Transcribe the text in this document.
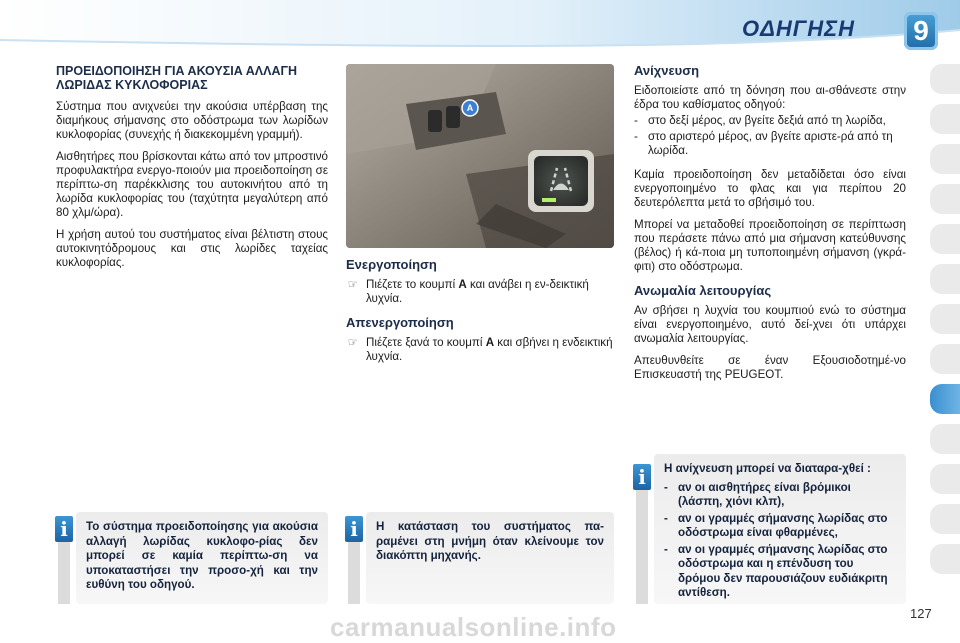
ΟΔΗΓΗΣΗ	9
ΠΡΟΕΙΔΟΠΟΙΗΣΗ ΓΙΑ ΑΚΟΥΣΙΑ ΑΛΛΑΓΗ ΛΩΡΙΔΑΣ ΚΥΚΛΟΦΟΡΙΑΣ

Σύστημα που ανιχνεύει την ακούσια υπέρβαση της διαμήκους σήμανσης στο οδόστρωμα των λωρίδων κυκλοφορίας (συνεχής ή διακεκομμένη γραμμή).

Αισθητήρες που βρίσκονται κάτω από τον μπροστινό προφυλακτήρα ενεργο-ποιούν μια προειδοποίηση σε περίπτω-ση παρέκκλισης του αυτοκινήτου από τη λωρίδα κυκλοφορίας του (ταχύτητα μεγαλύτερη από 80 χλμ/ώρα).

Η χρήση αυτού του συστήματος είναι βέλτιστη στους αυτοκινητόδρομους και στις λωρίδες ταχείας κυκλοφορίας.

i	Το σύστημα προειδοποίησης για ακούσια αλλαγή λωρίδας κυκλοφο-ρίας δεν μπορεί σε καμία περίπτω-ση να υποκαταστήσει την προσο-χή και την ευθύνη του οδηγού.

A
Ενεργοποίηση
☞ Πιέζετε το κουμπί A και ανάβει η εν-δεικτική λυχνία.
Απενεργοποίηση
☞ Πιέζετε ξανά το κουμπί A και σβήνει η ενδεικτική λυχνία.
i	Η κατάσταση του συστήματος πα-ραμένει στη μνήμη όταν κλείνουμε τον διακόπτη μηχανής.

Ανίχνευση

Ειδοποιείστε από τη δόνηση που αι-σθάνεστε στην έδρα του καθίσματος οδηγού:

- στο δεξί μέρος, αν βγείτε δεξιά από τη λωρίδα,
- στο αριστερό μέρος, αν βγείτε αριστε-ρά από τη λωρίδα.

Καμία προειδοποίηση δεν μεταδίδεται όσο είναι ενεργοποιημένο το φλας και για περίπου 20 δευτερόλεπτα μετά το σβήσιμό του.

Μπορεί να μεταδοθεί προειδοποίηση σε περίπτωση που περάσετε πάνω από μια σήμανση κατεύθυνσης (βέλος) ή κά-ποια μη τυποποιημένη σήμανση (γκρά-φιτι) στο οδόστρωμα.

Ανωμαλία λειτουργίας

Αν σβήσει η λυχνία του κουμπιού ενώ το σύστημα είναι ενεργοποιημένο, αυτό δεί-χνει ότι υπάρχει ανωμαλία λειτουργίας.

Απευθυνθείτε σε έναν Εξουσιοδοτημέ-νο Επισκευαστή της PEUGEOT.

i	Η ανίχνευση μπορεί να διαταρα-χθεί :

- αν οι αισθητήρες είναι βρόμικοι (λάσπη, χιόνι κλπ),
- αν οι γραμμές σήμανσης λωρίδας στο οδόστρωμα είναι φθαρμένες,
- αν οι γραμμές σήμανσης λωρίδας στο οδόστρωμα και η επένδυση του δρόμου δεν παρουσιάζουν ευδιάκριτη αντίθεση.
127
carmanualsonline.info
